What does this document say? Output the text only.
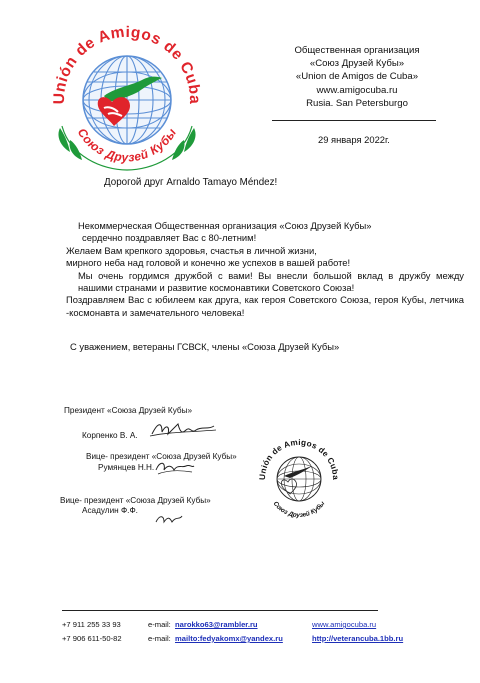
Unión de Amigos de Cuba
Союз Друзей Кубы
Общественная организация
«Союз Друзей Кубы»
«Union de Amigos de Cuba»
www.amigocuba.ru
Rusia. San Petersburgo
29 января 2022г.
Дорогой друг Arnaldo Tamayo Méndez!

Некоммерческая Общественная организация «Союз Друзей Кубы»

сердечно поздравляет Вас с 80-летним!

Желаем Вам крепкого здоровья, счастья в личной жизни,

мирного неба над головой и конечно же успехов в вашей работе!

Мы очень гордимся дружбой с вами! Вы внесли большой вклад в дружбу между нашими странами и развитие космонавтики Советского Союза!

Поздравляем Вас с юбилеем как друга, как героя Советского Союза, героя Кубы, летчика -космонавта и замечательного человека!

С уважением, ветераны ГСВСК, члены «Союза Друзей Кубы»
Президент «Союза Друзей Кубы»
Корпенко В. А.
Вице- президент «Союза Друзей Кубы»
Румянцев Н.Н.
Вице- президент «Союза Друзей Кубы»
Асадулин Ф.Ф.
Unión de Amigos de Cuba
Союз Друзей Кубы
+7 911 255 33 93	e-mail: narokko63@rambler.ru	www.amigocuba.ru
+7 906 611-50-82	e-mail: mailto:fedyakomx@yandex.ru	http://veterancuba.1bb.ru
